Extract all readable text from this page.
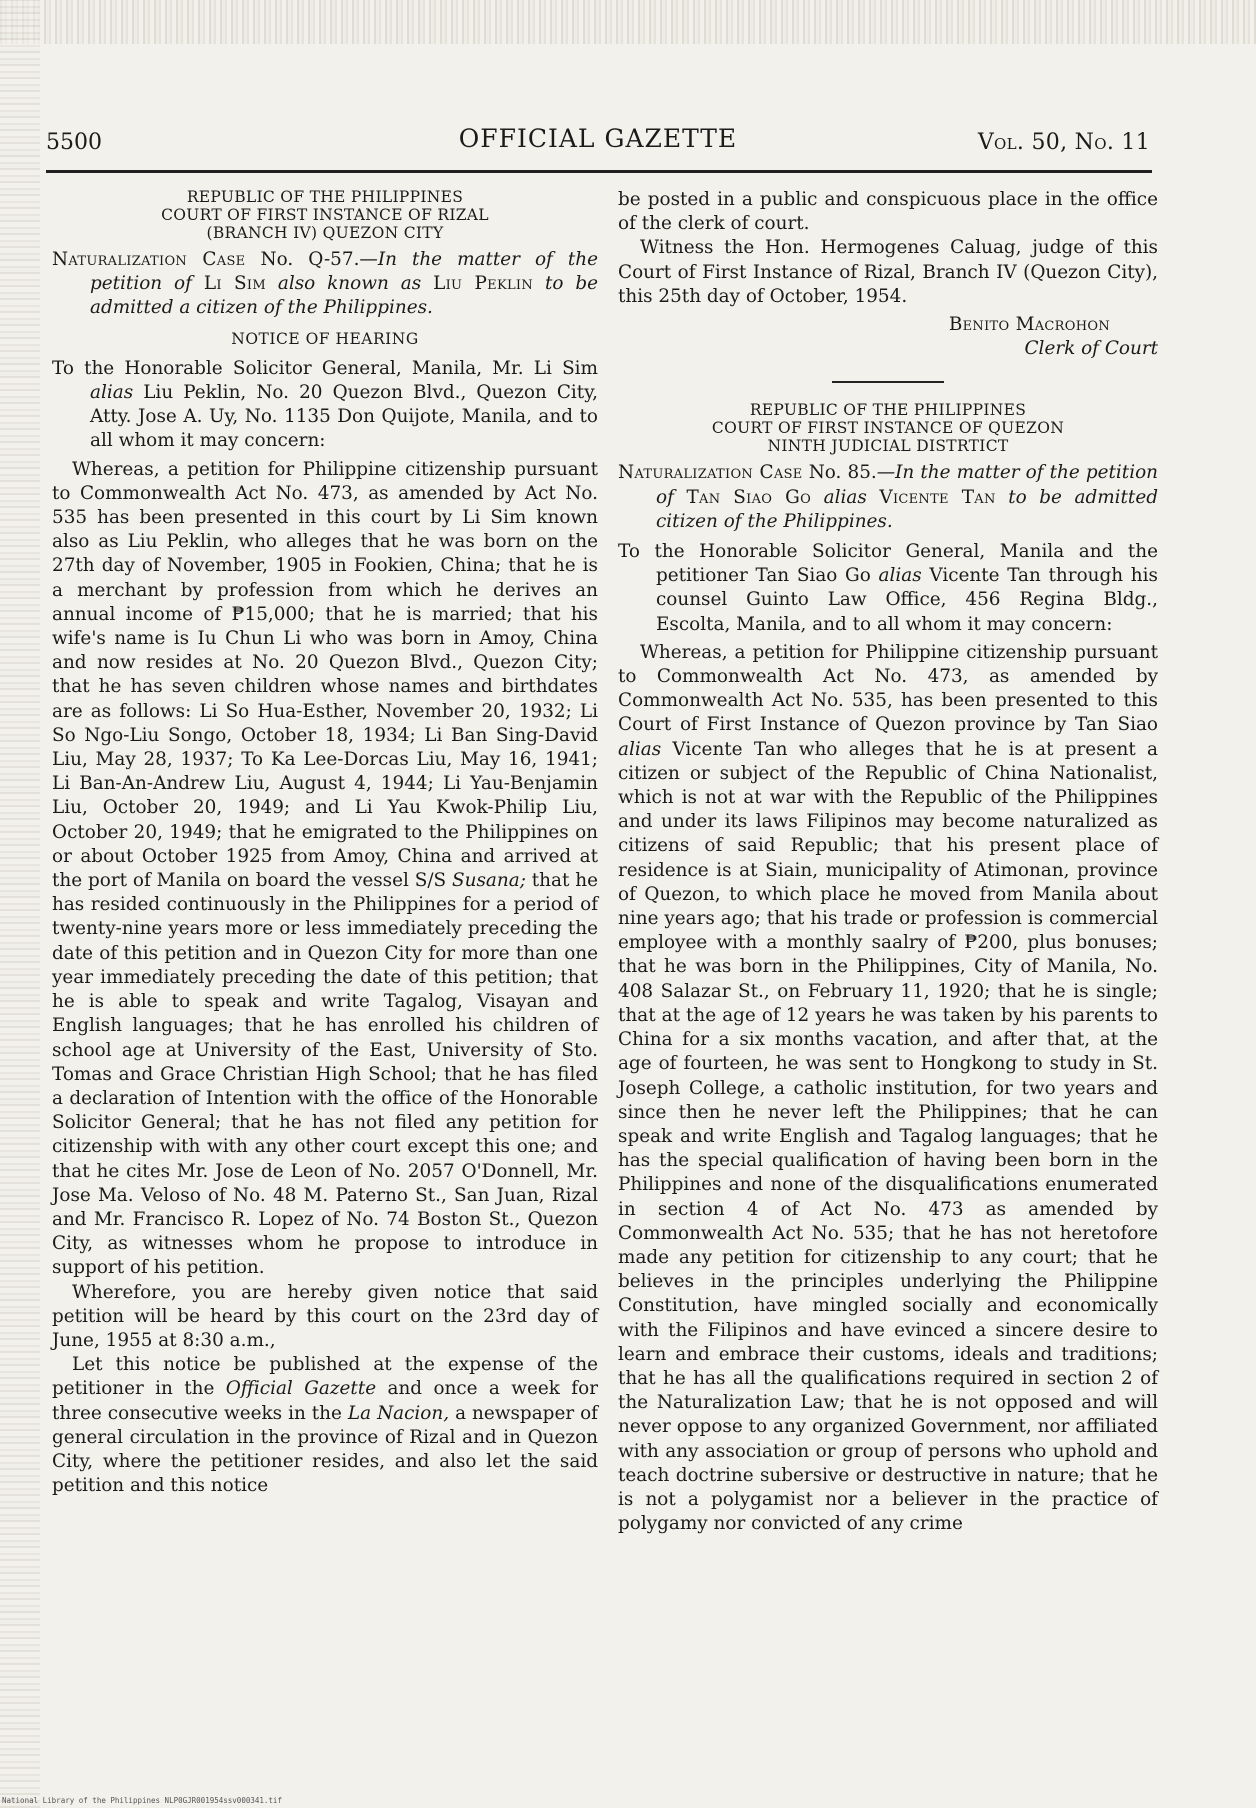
5500	OFFICIAL GAZETTE	Vol. 50, No. 11
REPUBLIC OF THE PHILIPPINES
COURT OF FIRST INSTANCE OF RIZAL
(BRANCH IV) QUEZON CITY

Naturalization Case No. Q-57.—In the matter of the petition of Li Sim also known as Liu Peklin to be admitted a citizen of the Philippines.

NOTICE OF HEARING

To the Honorable Solicitor General, Manila, Mr. Li Sim alias Liu Peklin, No. 20 Quezon Blvd., Quezon City, Atty. Jose A. Uy, No. 1135 Don Quijote, Manila, and to all whom it may concern:

Whereas, a petition for Philippine citizenship pursuant to Commonwealth Act No. 473, as amended by Act No. 535 has been presented in this court by Li Sim known also as Liu Peklin, who alleges that he was born on the 27th day of November, 1905 in Fookien, China; that he is a merchant by profession from which he derives an annual income of ₱15,000; that he is married; that his wife's name is Iu Chun Li who was born in Amoy, China and now resides at No. 20 Quezon Blvd., Quezon City; that he has seven children whose names and birthdates are as follows: Li So Hua-Esther, November 20, 1932; Li So Ngo-Liu Songo, October 18, 1934; Li Ban Sing-David Liu, May 28, 1937; To Ka Lee-Dorcas Liu, May 16, 1941; Li Ban-An-Andrew Liu, August 4, 1944; Li Yau-Benjamin Liu, October 20, 1949; and Li Yau Kwok-Philip Liu, October 20, 1949; that he emigrated to the Philippines on or about October 1925 from Amoy, China and arrived at the port of Manila on board the vessel S/S Susana; that he has resided continuously in the Philippines for a period of twenty-nine years more or less immediately preceding the date of this petition and in Quezon City for more than one year immediately preceding the date of this petition; that he is able to speak and write Tagalog, Visayan and English languages; that he has enrolled his children of school age at University of the East, University of Sto. Tomas and Grace Christian High School; that he has filed a declaration of Intention with the office of the Honorable Solicitor General; that he has not filed any petition for citizenship with with any other court except this one; and that he cites Mr. Jose de Leon of No. 2057 O'Donnell, Mr. Jose Ma. Veloso of No. 48 M. Paterno St., San Juan, Rizal and Mr. Francisco R. Lopez of No. 74 Boston St., Quezon City, as witnesses whom he propose to introduce in support of his petition.

Wherefore, you are hereby given notice that said petition will be heard by this court on the 23rd day of June, 1955 at 8:30 a.m.,

Let this notice be published at the expense of the petitioner in the Official Gazette and once a week for three consecutive weeks in the La Nacion, a newspaper of general circulation in the province of Rizal and in Quezon City, where the petitioner resides, and also let the said petition and this notice

be posted in a public and conspicuous place in the office of the clerk of court.

Witness the Hon. Hermogenes Caluag, judge of this Court of First Instance of Rizal, Branch IV (Quezon City), this 25th day of October, 1954.

Benito Macrohon
Clerk of Court
REPUBLIC OF THE PHILIPPINES
COURT OF FIRST INSTANCE OF QUEZON
NINTH JUDICIAL DISTRTICT

Naturalization Case No. 85.—In the matter of the petition of Tan Siao Go alias Vicente Tan to be admitted citizen of the Philippines.

To the Honorable Solicitor General, Manila and the petitioner Tan Siao Go alias Vicente Tan through his counsel Guinto Law Office, 456 Regina Bldg., Escolta, Manila, and to all whom it may concern:

Whereas, a petition for Philippine citizenship pursuant to Commonwealth Act No. 473, as amended by Commonwealth Act No. 535, has been presented to this Court of First Instance of Quezon province by Tan Siao alias Vicente Tan who alleges that he is at present a citizen or subject of the Republic of China Nationalist, which is not at war with the Republic of the Philippines and under its laws Filipinos may become naturalized as citizens of said Republic; that his present place of residence is at Siain, municipality of Atimonan, province of Quezon, to which place he moved from Manila about nine years ago; that his trade or profession is commercial employee with a monthly saalry of ₱200, plus bonuses; that he was born in the Philippines, City of Manila, No. 408 Salazar St., on February 11, 1920; that he is single; that at the age of 12 years he was taken by his parents to China for a six months vacation, and after that, at the age of fourteen, he was sent to Hongkong to study in St. Joseph College, a catholic institution, for two years and since then he never left the Philippines; that he can speak and write English and Tagalog languages; that he has the special qualification of having been born in the Philippines and none of the disqualifications enumerated in section 4 of Act No. 473 as amended by Commonwealth Act No. 535; that he has not heretofore made any petition for citizenship to any court; that he believes in the principles underlying the Philippine Constitution, have mingled socially and economically with the Filipinos and have evinced a sincere desire to learn and embrace their customs, ideals and traditions; that he has all the qualifications required in section 2 of the Naturalization Law; that he is not opposed and will never oppose to any organized Government, nor affiliated with any association or group of persons who uphold and teach doctrine subersive or destructive in nature; that he is not a polygamist nor a believer in the practice of polygamy nor convicted of any crime

National Library of the Philippines NLP0GJR001954ssv000341.tif
